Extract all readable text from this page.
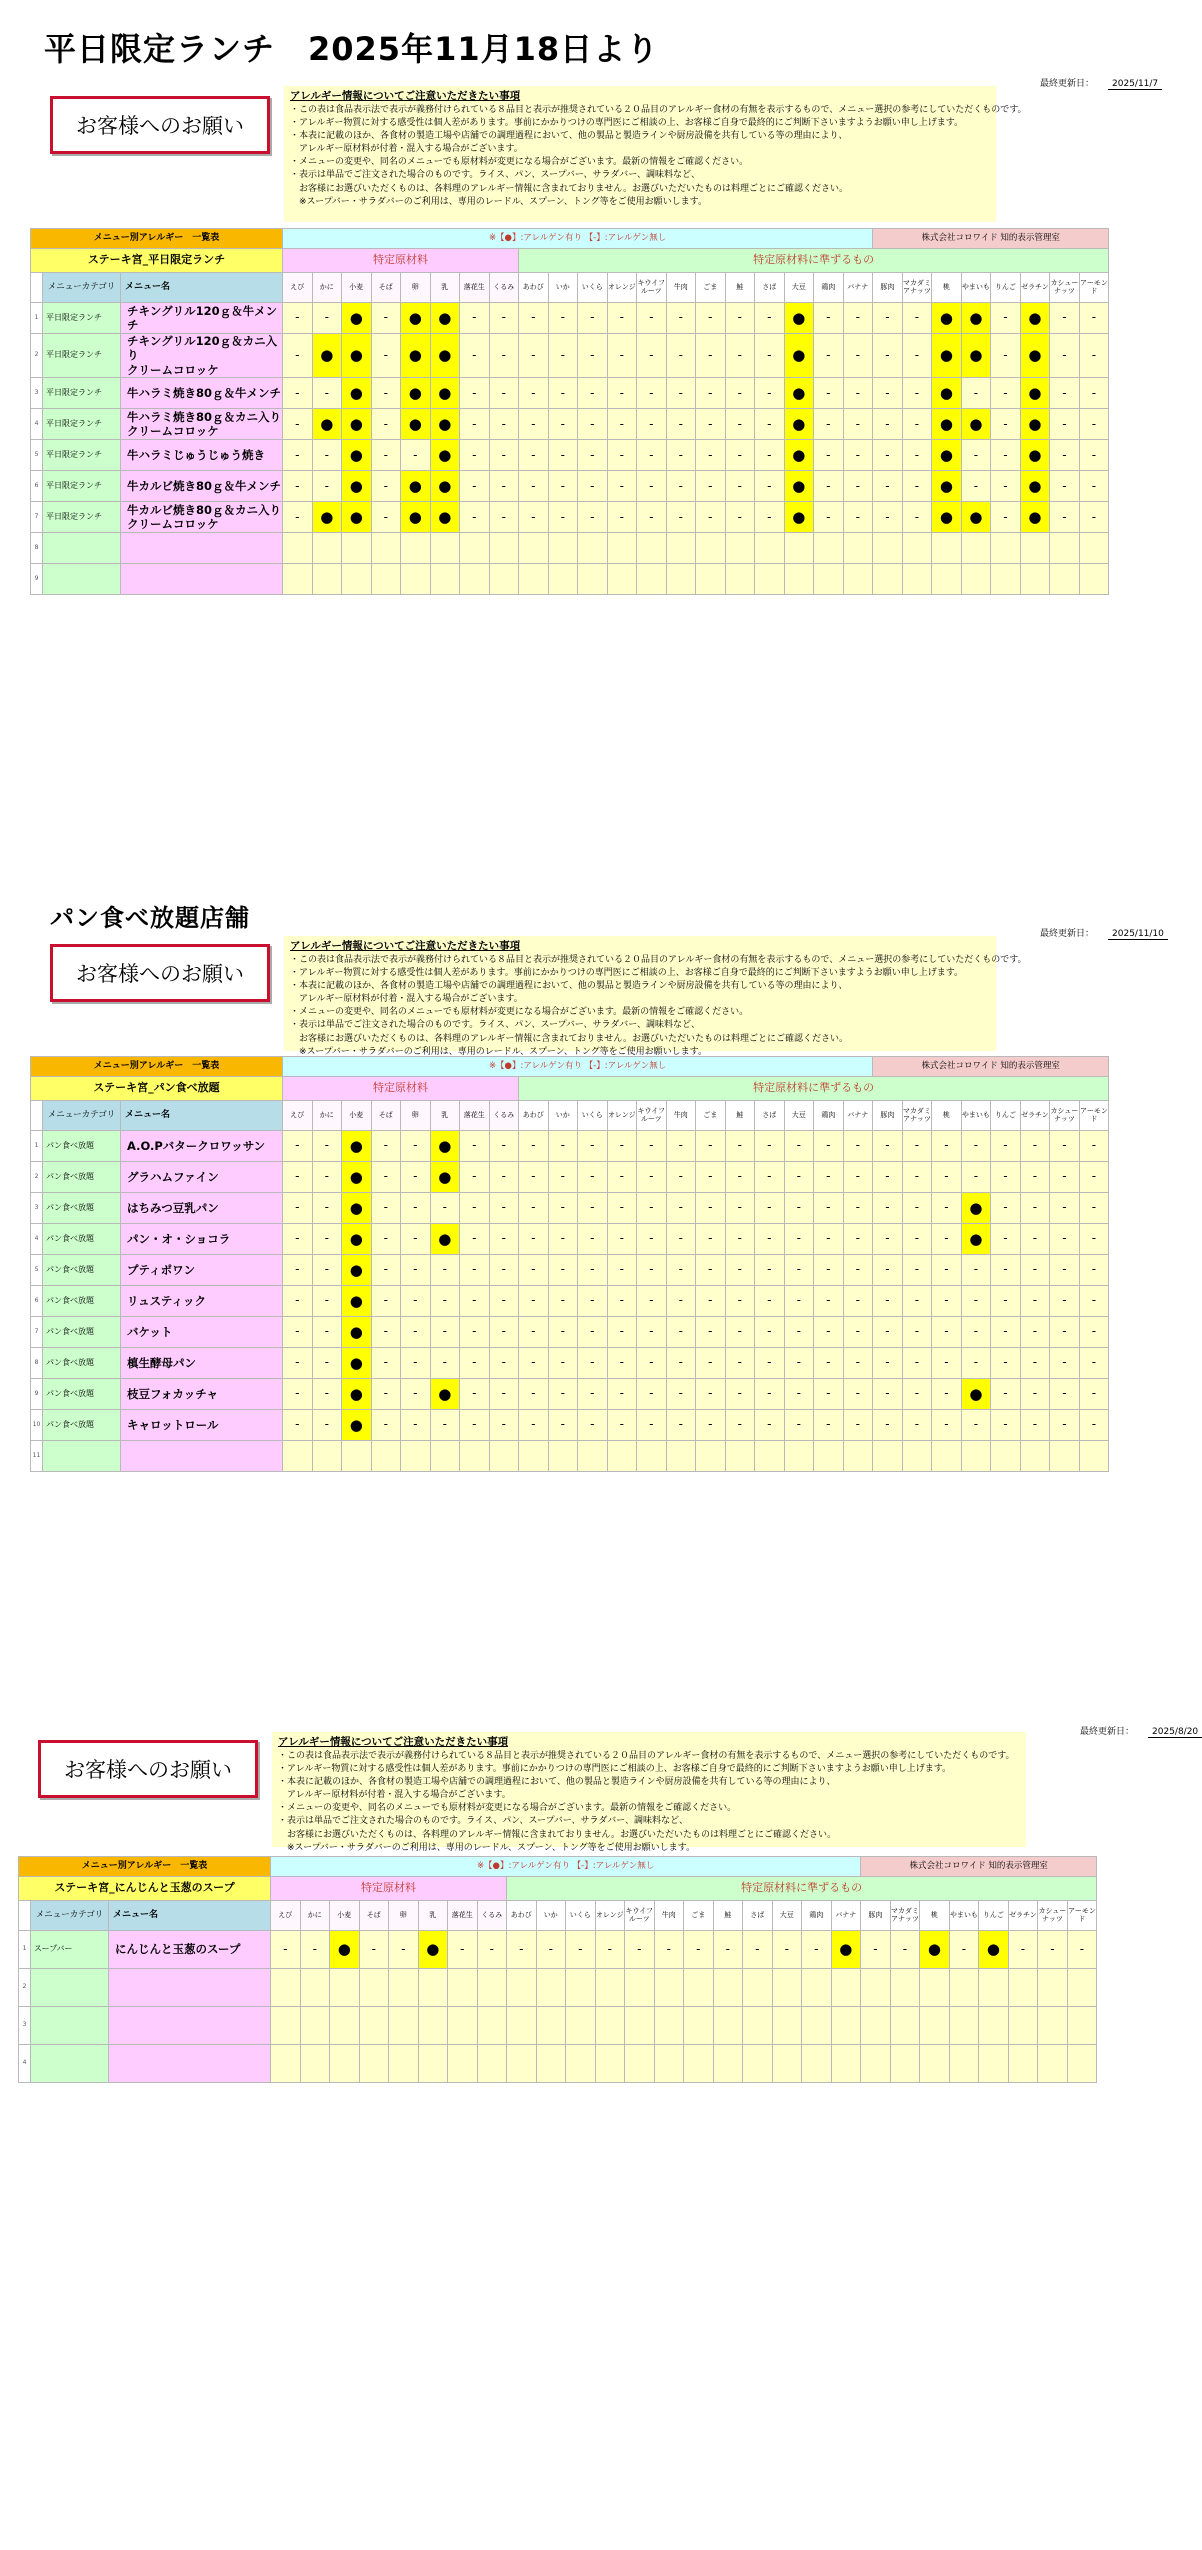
平日限定ランチ　2025年11月18日より
最終更新日： 2025/11/7
お客様へのお願い
アレルギー情報についてご注意いただきたい事項
・この表は食品表示法で表示が義務付けられている８品目と表示が推奨されている２０品目のアレルギー食材の有無を表示するもので、メニュー選択の参考にしていただくものです。
・アレルギー物質に対する感受性は個人差があります。事前にかかりつけの専門医にご相談の上、お客様ご自身で最終的にご判断下さいますようお願い申し上げます。
・本表に記載のほか、各食材の製造工場や店舗での調理過程において、他の製品と製造ラインや厨房設備を共有している等の理由により、
　アレルギー原材料が付着・混入する場合がございます。
・メニューの変更や、同名のメニューでも原材料が変更になる場合がございます。最新の情報をご確認ください。
・表示は単品でご注文された場合のものです。ライス、パン、スープバー、サラダバー、調味料など、
　お客様にお選びいただくものは、各料理のアレルギー情報に含まれておりません。お選びいただいたものは料理ごとにご確認ください。
　※スープバー・サラダバーのご利用は、専用のレードル、スプーン、トング等をご使用お願いします。
メニュー別アレルギー　一覧表			※【●】:アレルゲン有り 【-】:アレルゲン無し																				株式会社コロワイド 知的表示管理室							
ステーキ宮_平日限定ランチ			特定原材料								特定原材料に準ずるもの																			
	メニューカテゴリ	メニュー名	えび	かに	小麦	そば	卵	乳	落花生	くるみ	あわび	いか	いくら	オレンジ	キウイフルーツ	牛肉	ごま	鮭	さば	大豆	鶏肉	バナナ	豚肉	マカダミアナッツ	桃	やまいも	りんご	ゼラチン	カシューナッツ	アーモンド
1	平日限定ランチ	チキングリル120ｇ＆牛メンチ	-	-	●	-	●	●	-	-	-	-	-	-	-	-	-	-	-	●	-	-	-	-	●	●	-	●	-	-
2	平日限定ランチ	チキングリル120ｇ＆カニ入り
クリームコロッケ	-	●	●	-	●	●	-	-	-	-	-	-	-	-	-	-	-	●	-	-	-	-	●	●	-	●	-	-
3	平日限定ランチ	牛ハラミ焼き80ｇ＆牛メンチ	-	-	●	-	●	●	-	-	-	-	-	-	-	-	-	-	-	●	-	-	-	-	●	-	-	●	-	-
4	平日限定ランチ	牛ハラミ焼き80ｇ＆カニ入り
クリームコロッケ	-	●	●	-	●	●	-	-	-	-	-	-	-	-	-	-	-	●	-	-	-	-	●	●	-	●	-	-
5	平日限定ランチ	牛ハラミじゅうじゅう焼き	-	-	●	-	-	●	-	-	-	-	-	-	-	-	-	-	-	●	-	-	-	-	●	-	-	●	-	-
6	平日限定ランチ	牛カルビ焼き80ｇ＆牛メンチ	-	-	●	-	●	●	-	-	-	-	-	-	-	-	-	-	-	●	-	-	-	-	●	-	-	●	-	-
7	平日限定ランチ	牛カルビ焼き80ｇ＆カニ入り
クリームコロッケ	-	●	●	-	●	●	-	-	-	-	-	-	-	-	-	-	-	●	-	-	-	-	●	●	-	●	-	-
8																														
9																														
パン食べ放題店舗
最終更新日： 2025/11/10
お客様へのお願い
アレルギー情報についてご注意いただきたい事項
・この表は食品表示法で表示が義務付けられている８品目と表示が推奨されている２０品目のアレルギー食材の有無を表示するもので、メニュー選択の参考にしていただくものです。
・アレルギー物質に対する感受性は個人差があります。事前にかかりつけの専門医にご相談の上、お客様ご自身で最終的にご判断下さいますようお願い申し上げます。
・本表に記載のほか、各食材の製造工場や店舗での調理過程において、他の製品と製造ラインや厨房設備を共有している等の理由により、
　アレルギー原材料が付着・混入する場合がございます。
・メニューの変更や、同名のメニューでも原材料が変更になる場合がございます。最新の情報をご確認ください。
・表示は単品でご注文された場合のものです。ライス、パン、スープバー、サラダバー、調味料など、
　お客様にお選びいただくものは、各料理のアレルギー情報に含まれておりません。お選びいただいたものは料理ごとにご確認ください。
　※スープバー・サラダバーのご利用は、専用のレードル、スプーン、トング等をご使用お願いします。
メニュー別アレルギー　一覧表			※【●】:アレルゲン有り 【-】:アレルゲン無し																				株式会社コロワイド 知的表示管理室							
ステーキ宮_パン食べ放題			特定原材料								特定原材料に準ずるもの																			
	メニューカテゴリ	メニュー名	えび	かに	小麦	そば	卵	乳	落花生	くるみ	あわび	いか	いくら	オレンジ	キウイフルーツ	牛肉	ごま	鮭	さば	大豆	鶏肉	バナナ	豚肉	マカダミアナッツ	桃	やまいも	りんご	ゼラチン	カシューナッツ	アーモンド
1	パン食べ放題	A.O.Pバタークロワッサン	-	-	●	-	-	●	-	-	-	-	-	-	-	-	-	-	-	-	-	-	-	-	-	-	-	-	-	-
2	パン食べ放題	グラハムファイン	-	-	●	-	-	●	-	-	-	-	-	-	-	-	-	-	-	-	-	-	-	-	-	-	-	-	-	-
3	パン食べ放題	はちみつ豆乳パン	-	-	●	-	-	-	-	-	-	-	-	-	-	-	-	-	-	-	-	-	-	-	-	●	-	-	-	-
4	パン食べ放題	パン・オ・ショコラ	-	-	●	-	-	●	-	-	-	-	-	-	-	-	-	-	-	-	-	-	-	-	-	●	-	-	-	-
5	パン食べ放題	プティポワン	-	-	●	-	-	-	-	-	-	-	-	-	-	-	-	-	-	-	-	-	-	-	-	-	-	-	-	-
6	パン食べ放題	リュスティック	-	-	●	-	-	-	-	-	-	-	-	-	-	-	-	-	-	-	-	-	-	-	-	-	-	-	-	-
7	パン食べ放題	バケット	-	-	●	-	-	-	-	-	-	-	-	-	-	-	-	-	-	-	-	-	-	-	-	-	-	-	-	-
8	パン食べ放題	槙生酵母パン	-	-	●	-	-	-	-	-	-	-	-	-	-	-	-	-	-	-	-	-	-	-	-	-	-	-	-	-
9	パン食べ放題	枝豆フォカッチャ	-	-	●	-	-	●	-	-	-	-	-	-	-	-	-	-	-	-	-	-	-	-	-	●	-	-	-	-
10	パン食べ放題	キャロットロール	-	-	●	-	-	-	-	-	-	-	-	-	-	-	-	-	-	-	-	-	-	-	-	-	-	-	-	-
11																														
最終更新日： 2025/8/20
お客様へのお願い
アレルギー情報についてご注意いただきたい事項
・この表は食品表示法で表示が義務付けられている８品目と表示が推奨されている２０品目のアレルギー食材の有無を表示するもので、メニュー選択の参考にしていただくものです。
・アレルギー物質に対する感受性は個人差があります。事前にかかりつけの専門医にご相談の上、お客様ご自身で最終的にご判断下さいますようお願い申し上げます。
・本表に記載のほか、各食材の製造工場や店舗での調理過程において、他の製品と製造ラインや厨房設備を共有している等の理由により、
　アレルギー原材料が付着・混入する場合がございます。
・メニューの変更や、同名のメニューでも原材料が変更になる場合がございます。最新の情報をご確認ください。
・表示は単品でご注文された場合のものです。ライス、パン、スープバー、サラダバー、調味料など、
　お客様にお選びいただくものは、各料理のアレルギー情報に含まれておりません。お選びいただいたものは料理ごとにご確認ください。
　※スープバー・サラダバーのご利用は、専用のレードル、スプーン、トング等をご使用お願いします。
メニュー別アレルギー　一覧表			※【●】:アレルゲン有り 【-】:アレルゲン無し																				株式会社コロワイド 知的表示管理室							
ステーキ宮_にんじんと玉葱のスープ			特定原材料								特定原材料に準ずるもの																			
	メニューカテゴリ	メニュー名	えび	かに	小麦	そば	卵	乳	落花生	くるみ	あわび	いか	いくら	オレンジ	キウイフルーツ	牛肉	ごま	鮭	さば	大豆	鶏肉	バナナ	豚肉	マカダミアナッツ	桃	やまいも	りんご	ゼラチン	カシューナッツ	アーモンド
1	スープバー	にんじんと玉葱のスープ	-	-	●	-	-	●	-	-	-	-	-	-	-	-	-	-	-	-	-	●	-	-	●	-	●	-	-	-
2																														
3																														
4																														
